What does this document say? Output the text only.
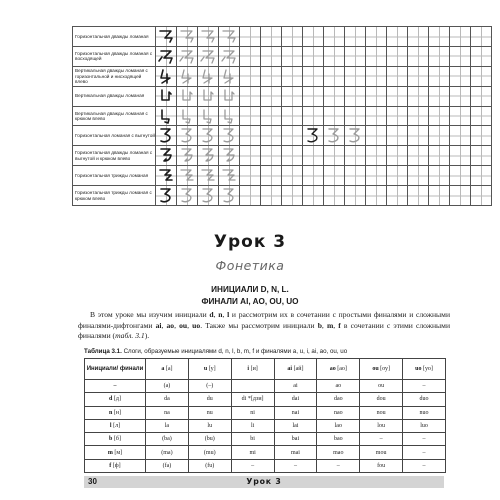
Горизонтальная дважды ломаная	

Горизонтальная дважды ломаная с восходящей	

Вертикальная дважды ломаная с горизонтальной и нисходящей влево	

Вертикальная дважды ломаная	

Вертикальная дважды ломаная с крюком влево	

Горизонтальная ломаная с выгнутой	

Горизонтальная дважды ломаная с выгнутой и крюком влево	

Горизонтальная трижды ломаная	

Горизонтальная трижды ломаная с крюком влево	

Урок 3
Фонетика
ИНИЦИАЛИ D, N, L.
ФИНАЛИ AI, AO, OU, UO
В этом уроке мы изучим инициали d, n, l и рассмотрим их в сочетании с простыми финалями и сложными финалями-дифтонгами ai, ao, ou, uo. Также мы рассмотрим инициали b, m, f в сочетании с этими сложными финалями (табл. 3.1).
Таблица 3.1. Слоги, образуемые инициалями d, n, l, b, m, f и финалями a, u, i, ai, ao, ou, uo
Инициали/ финали	a [a]	u [y]	i [и]	ai [ай]	ao [ао]	ou [оу]	uo [уо]
–	(a)	(–)		ai	ao	ou	–
d [д]	da	du	di *[дзи]	dai	dao	dou	duo
n [н]	na	nu	ni	nai	nao	nou	nuo
l [л]	la	lu	li	lai	lao	lou	luo
b [б]	(ba)	(bu)	bi	bai	bao	–	–
m [м]	(ma)	(mu)	mi	mai	mao	mou	–
f [ф]	(fa)	(fu)	–	–	–	fou	–
30	Урок 3
